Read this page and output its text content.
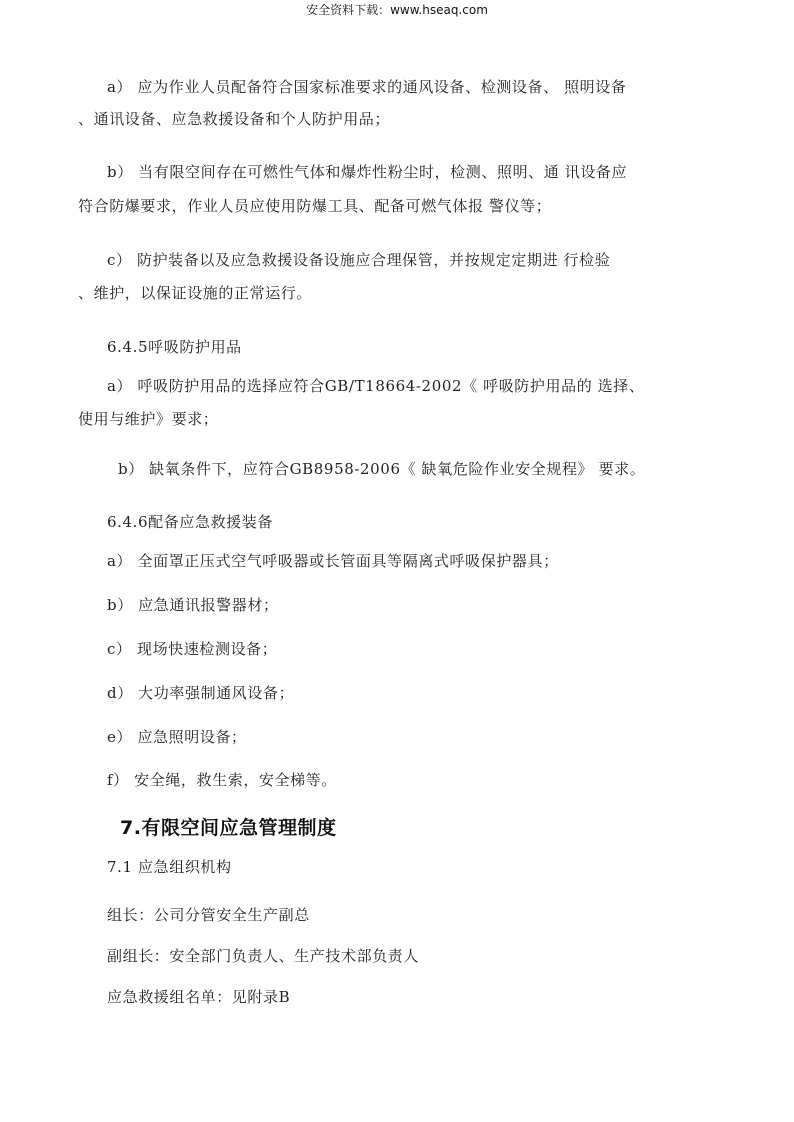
安全资料下载：www.hseaq.com
a） 应为作业人员配备符合国家标准要求的通风设备、检测设备、 照明设备
、通讯设备、应急救援设备和个人防护用品；
b） 当有限空间存在可燃性气体和爆炸性粉尘时，检测、照明、通 讯设备应
符合防爆要求，作业人员应使用防爆工具、配备可燃气体报 警仪等；
c） 防护装备以及应急救援设备设施应合理保管，并按规定定期进 行检验
、维护，以保证设施的正常运行。
6.4.5呼吸防护用品
a） 呼吸防护用品的选择应符合GB/T18664-2002《 呼吸防护用品的 选择、
使用与维护》要求；
b） 缺氧条件下，应符合GB8958-2006《 缺氧危险作业安全规程》 要求。
6.4.6配备应急救援装备
a） 全面罩正压式空气呼吸器或长管面具等隔离式呼吸保护器具；
b） 应急通讯报警器材；
c） 现场快速检测设备；
d） 大功率强制通风设备；
e） 应急照明设备；
f） 安全绳，救生索，安全梯等。
7.有限空间应急管理制度
7.1 应急组织机构
组长：公司分管安全生产副总
副组长：安全部门负责人、生产技术部负责人
应急救援组名单：见附录B
